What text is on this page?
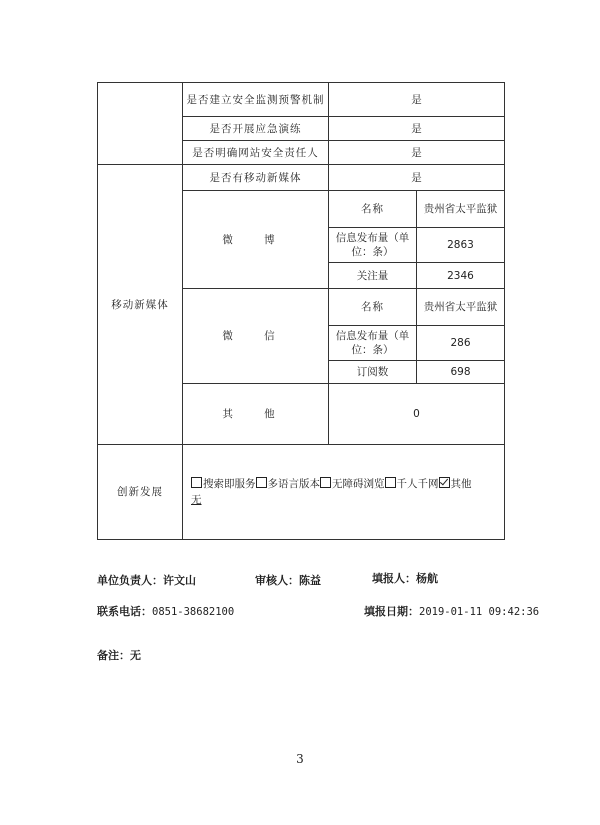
	是否建立安全监测预警机制	是	
	是否开展应急演练	是	
	是否明确网站安全责任人	是	
移动新媒体	是否有移动新媒体	是	
	微 博	名称	贵州省太平监狱
		信息发布量（单位：条）	2863
		关注量	2346
	微 信	名称	贵州省太平监狱
		信息发布量（单位：条）	286
		订阅数	698
	其 他	0	
创新发展	搜索即服务 多语言版本 无障碍浏览 千人千网 其他
无		
单位负责人：许文山	审核人：陈益	填报人：杨航
联系电话：0851-38682100	填报日期：2019-01-11 09:42:36
备注：无
3
